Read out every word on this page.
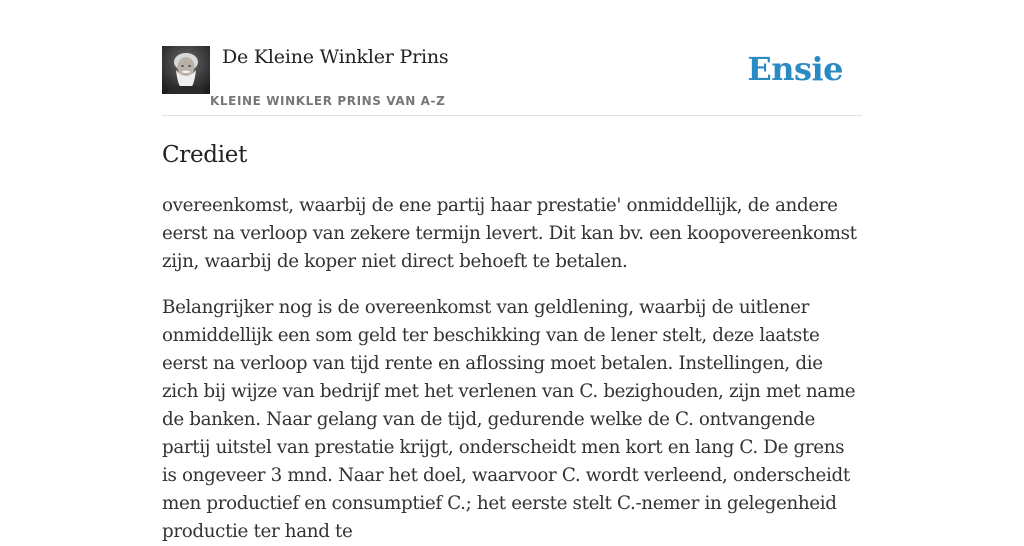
De Kleine Winkler Prins
KLEINE WINKLER PRINS VAN A-Z
Ensie
Crediet

overeenkomst, waarbij de ene partij haar prestatie' onmiddellijk, de andere eerst na verloop van zekere termijn levert. Dit kan bv. een koopovereenkomst zijn, waarbij de koper niet direct behoeft te betalen.

Belangrijker nog is de overeenkomst van geldlening, waarbij de uitlener onmiddellijk een som geld ter beschikking van de lener stelt, deze laatste eerst na verloop van tijd rente en aflossing moet betalen. Instellingen, die zich bij wijze van bedrijf met het verlenen van C. bezighouden, zijn met name de banken. Naar gelang van de tijd, gedurende welke de C. ontvangende partij uitstel van prestatie krijgt, onderscheidt men kort en lang C. De grens is ongeveer 3 mnd. Naar het doel, waarvoor C. wordt verleend, onderscheidt men productief en consumptief C.; het eerste stelt C.-nemer in gelegenheid productie ter hand te
